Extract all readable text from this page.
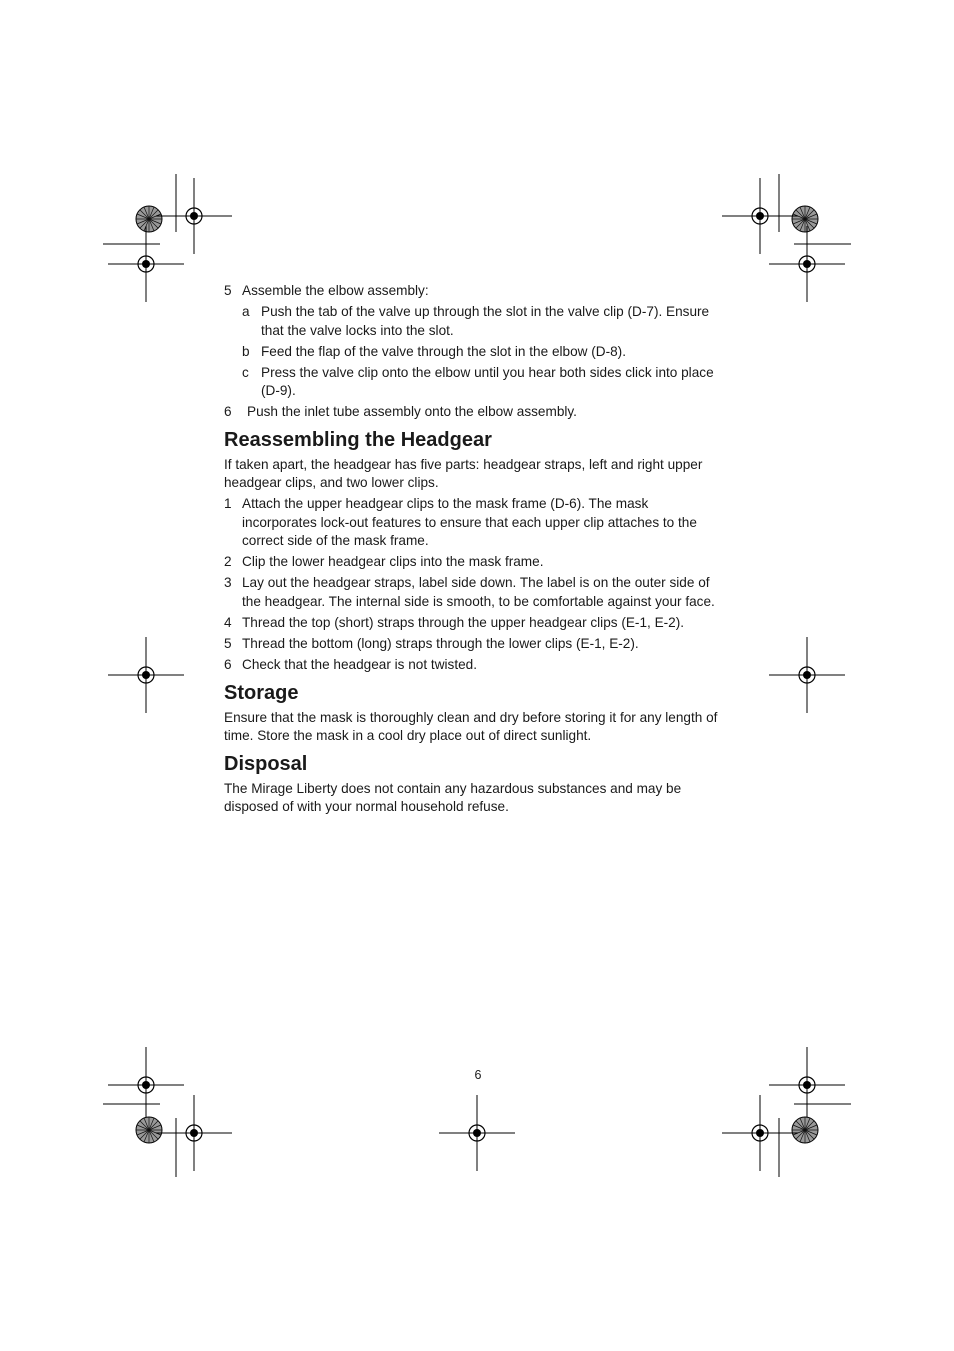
5 Assemble the elbow assembly:
a Push the tab of the valve up through the slot in the valve clip (D-7). Ensure that the valve locks into the slot.
b Feed the flap of the valve through the slot in the elbow (D-8).
c Press the valve clip onto the elbow until you hear both sides click into place (D-9).
6 Push the inlet tube assembly onto the elbow assembly.
Reassembling the Headgear

If taken apart, the headgear has five parts: headgear straps, left and right upper headgear clips, and two lower clips.

1 Attach the upper headgear clips to the mask frame (D-6). The mask incorporates lock-out features to ensure that each upper clip attaches to the correct side of the mask frame.
2 Clip the lower headgear clips into the mask frame.
3 Lay out the headgear straps, label side down. The label is on the outer side of the headgear. The internal side is smooth, to be comfortable against your face.
4 Thread the top (short) straps through the upper headgear clips (E-1, E-2).
5 Thread the bottom (long) straps through the lower clips (E-1, E-2).
6 Check that the headgear is not twisted.
Storage

Ensure that the mask is thoroughly clean and dry before storing it for any length of time. Store the mask in a cool dry place out of direct sunlight.

Disposal

The Mirage Liberty does not contain any hazardous substances and may be disposed of with your normal household refuse.

6
